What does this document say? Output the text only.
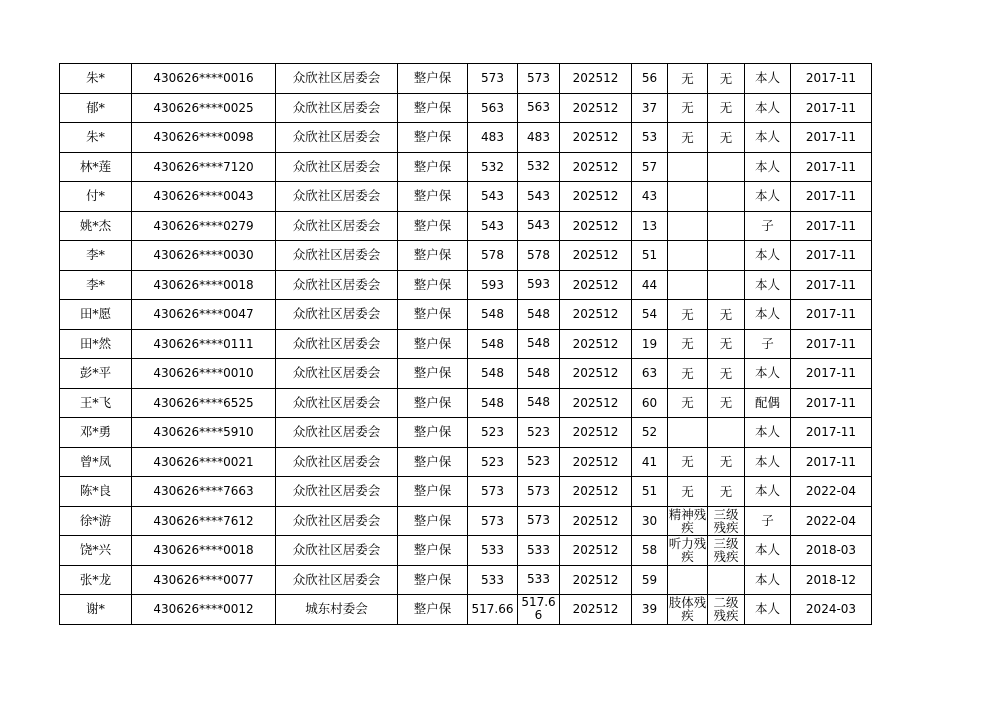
朱*	430626****0016	众欣社区居委会	整户保	573	573	202512	56	无	无	本人	2017-11
郁*	430626****0025	众欣社区居委会	整户保	563	563	202512	37	无	无	本人	2017-11
朱*	430626****0098	众欣社区居委会	整户保	483	483	202512	53	无	无	本人	2017-11
林*莲	430626****7120	众欣社区居委会	整户保	532	532	202512	57			本人	2017-11
付*	430626****0043	众欣社区居委会	整户保	543	543	202512	43			本人	2017-11
姚*杰	430626****0279	众欣社区居委会	整户保	543	543	202512	13			子	2017-11
李*	430626****0030	众欣社区居委会	整户保	578	578	202512	51			本人	2017-11
李*	430626****0018	众欣社区居委会	整户保	593	593	202512	44			本人	2017-11
田*愿	430626****0047	众欣社区居委会	整户保	548	548	202512	54	无	无	本人	2017-11
田*然	430626****0111	众欣社区居委会	整户保	548	548	202512	19	无	无	子	2017-11
彭*平	430626****0010	众欣社区居委会	整户保	548	548	202512	63	无	无	本人	2017-11
王*飞	430626****6525	众欣社区居委会	整户保	548	548	202512	60	无	无	配偶	2017-11
邓*勇	430626****5910	众欣社区居委会	整户保	523	523	202512	52			本人	2017-11
曾*凤	430626****0021	众欣社区居委会	整户保	523	523	202512	41	无	无	本人	2017-11
陈*良	430626****7663	众欣社区居委会	整户保	573	573	202512	51	无	无	本人	2022-04
徐*游	430626****7612	众欣社区居委会	整户保	573	573	202512	30	精神残疾	三级残疾	子	2022-04
饶*兴	430626****0018	众欣社区居委会	整户保	533	533	202512	58	听力残疾	三级残疾	本人	2018-03
张*龙	430626****0077	众欣社区居委会	整户保	533	533	202512	59			本人	2018-12
谢*	430626****0012	城东村委会	整户保	517.66	517.66	202512	39	肢体残疾	二级残疾	本人	2024-03
